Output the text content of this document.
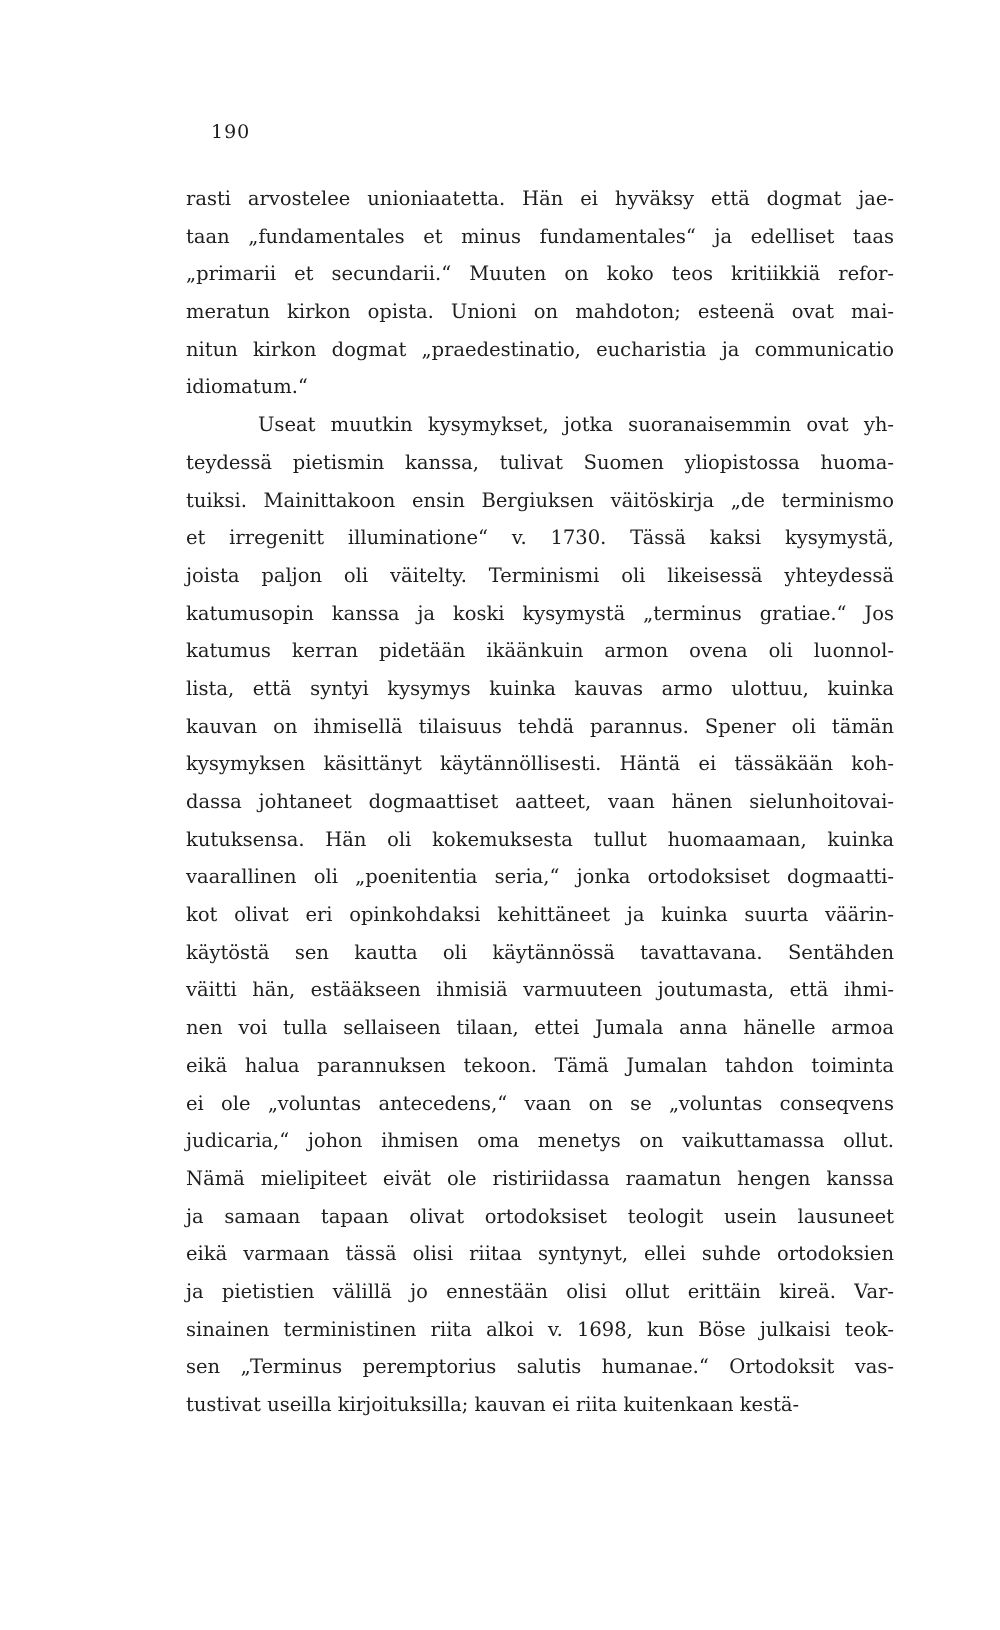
190
rasti arvostelee unioniaatetta. Hän ei hyväksy että dogmat jae-
taan „fundamentales et minus fundamentales“ ja edelliset taas
„primarii et secundarii.“ Muuten on koko teos kritiikkiä refor-
meratun kirkon opista. Unioni on mahdoton; esteenä ovat mai-
nitun kirkon dogmat „praedestinatio, eucharistia ja communicatio
idiomatum.“
Useat muutkin kysymykset, jotka suoranaisemmin ovat yh-
teydessä pietismin kanssa, tulivat Suomen yliopistossa huoma-
tuiksi. Mainittakoon ensin Bergiuksen väitöskirja „de terminismo
et irregenitt illuminatione“ v. 1730. Tässä kaksi kysymystä,
joista paljon oli väitelty. Terminismi oli likeisessä yhteydessä
katumusopin kanssa ja koski kysymystä „terminus gratiae.“ Jos
katumus kerran pidetään ikäänkuin armon ovena oli luonnol-
lista, että syntyi kysymys kuinka kauvas armo ulottuu, kuinka
kauvan on ihmisellä tilaisuus tehdä parannus. Spener oli tämän
kysymyksen käsittänyt käytännöllisesti. Häntä ei tässäkään koh-
dassa johtaneet dogmaattiset aatteet, vaan hänen sielunhoitovai-
kutuksensa. Hän oli kokemuksesta tullut huomaamaan, kuinka
vaarallinen oli „poenitentia seria,“ jonka ortodoksiset dogmaatti-
kot olivat eri opinkohdaksi kehittäneet ja kuinka suurta väärin-
käytöstä sen kautta oli käytännössä tavattavana. Sentähden
väitti hän, estääkseen ihmisiä varmuuteen joutumasta, että ihmi-
nen voi tulla sellaiseen tilaan, ettei Jumala anna hänelle armoa
eikä halua parannuksen tekoon. Tämä Jumalan tahdon toiminta
ei ole „voluntas antecedens,“ vaan on se „voluntas conseqvens
judicaria,“ johon ihmisen oma menetys on vaikuttamassa ollut.
Nämä mielipiteet eivät ole ristiriidassa raamatun hengen kanssa
ja samaan tapaan olivat ortodoksiset teologit usein lausuneet
eikä varmaan tässä olisi riitaa syntynyt, ellei suhde ortodoksien
ja pietistien välillä jo ennestään olisi ollut erittäin kireä. Var-
sinainen terministinen riita alkoi v. 1698, kun Böse julkaisi teok-
sen „Terminus peremptorius salutis humanae.“ Ortodoksit vas-
tustivat useilla kirjoituksilla; kauvan ei riita kuitenkaan kestä-
